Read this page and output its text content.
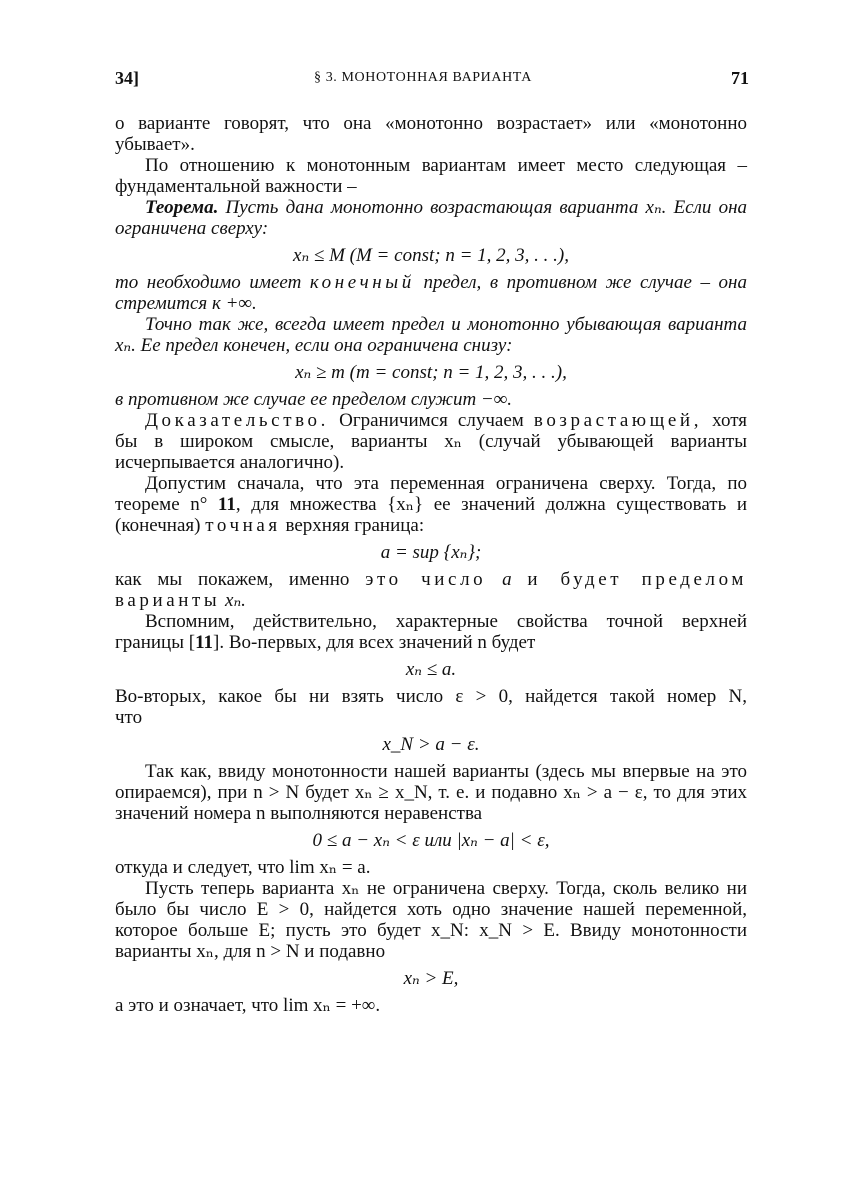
34]	§ 3. МОНОТОННАЯ ВАРИАНТА	71

о варианте говорят, что она «монотонно возрастает» или «монотонно

убывает».

По отношению к монотонным вариантам имеет место следующая – фундаментальной важности –

Теорема. Пусть дана монотонно возрастающая варианта xₙ. Если она ограничена сверху:

xₙ ≤ M (M = const; n = 1, 2, 3, . . .),

то необходимо имеет конечный предел, в противном же случае – она стремится к +∞.

Точно так же, всегда имеет предел и монотонно убывающая варианта xₙ. Ее предел конечен, если она ограничена снизу:

xₙ ≥ m (m = const; n = 1, 2, 3, . . .),

в противном же случае ее пределом служит −∞.

Доказательство. Ограничимся случаем возрастающей, хотя бы в широком смысле, варианты xₙ (случай убывающей варианты исчерпывается аналогично).

Допустим сначала, что эта переменная ограничена сверху. Тогда, по теореме n° 11, для множества {xₙ} ее значений должна существовать и (конечная) точная верхняя граница:

a = sup {xₙ};

как мы покажем, именно это число a и будет пределом варианты xₙ.

Вспомним, действительно, характерные свойства точной верхней границы [11]. Во-первых, для всех значений n будет

xₙ ≤ a.

Во-вторых, какое бы ни взять число ε > 0, найдется такой номер N,

что

x_N > a − ε.

Так как, ввиду монотонности нашей варианты (здесь мы впервые на это опираемся), при n > N будет xₙ ≥ x_N, т. е. и подавно xₙ > a − ε, то для этих значений номера n выполняются неравенства

0 ≤ a − xₙ < ε или |xₙ − a| < ε,

откуда и следует, что lim xₙ = a.

Пусть теперь варианта xₙ не ограничена сверху. Тогда, сколь велико ни было бы число E > 0, найдется хоть одно значение нашей переменной, которое больше E; пусть это будет x_N: x_N > E. Ввиду монотонности варианты xₙ, для n > N и подавно

xₙ > E,

а это и означает, что lim xₙ = +∞.
